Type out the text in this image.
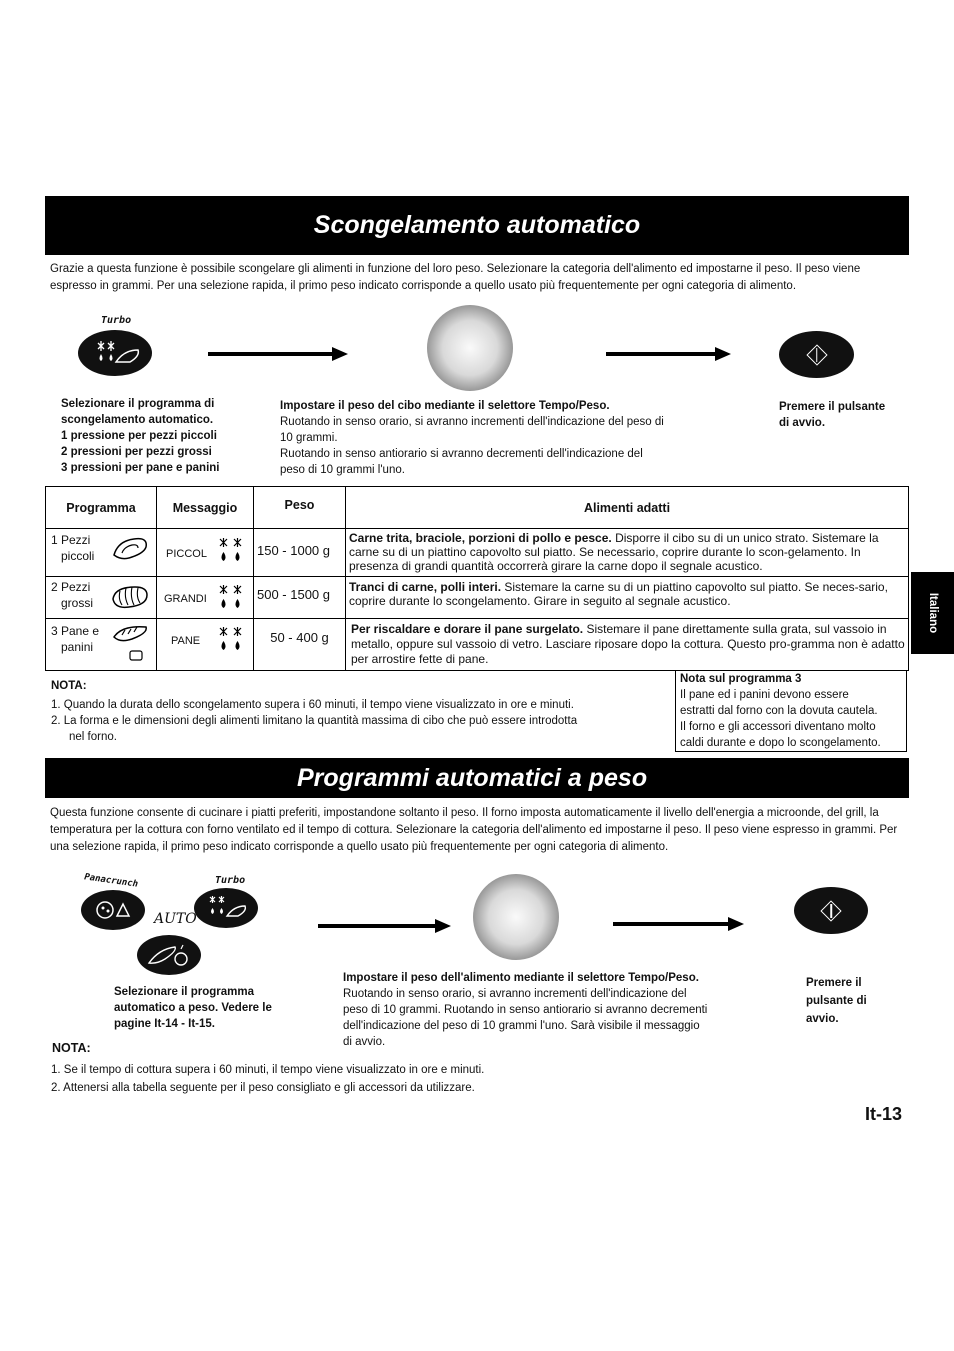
Scongelamento automatico
Grazie a questa funzione è possibile scongelare gli alimenti in funzione del loro peso. Selezionare la categoria dell'alimento ed impostarne il peso. Il peso viene espresso in grammi. Per una selezione rapida, il primo peso indicato corrisponde a quello usato più frequentemente per ogni categoria di alimento.
Turbo
Selezionare il programma di
scongelamento automatico.
1 pressione per pezzi piccoli
2 pressioni per pezzi grossi
3 pressioni per pane e panini
Impostare il peso del cibo mediante il selettore Tempo/Peso.
Ruotando in senso orario, si avranno incrementi dell'indicazione del peso di
10 grammi.
Ruotando in senso antiorario si avranno decrementi dell'indicazione del
peso di 10 grammi l'uno.
Premere il pulsante
di avvio.
Programma	Messaggio	Peso	Alimenti adatti

1 Pezzi
piccoli	PICCOL	150 - 1000 g	Carne trita, braciole, porzioni di pollo e pesce. Disporre il cibo su di un unico strato. Sistemare la carne su di un piattino capovolto sul piatto. Se necessario, coprire durante lo scon-gelamento. In presenza di grandi quantità occorrerà girare la carne dopo il segnale acustico.

2 Pezzi
grossi	GRANDI	500 - 1500 g	Tranci di carne, polli interi. Sistemare la carne su di un piattino capovolto sul piatto. Se neces-sario, coprire durante lo scongelamento. Girare in seguito al segnale acustico.

3 Pane e
panini	PANE	50 - 400 g	Per riscaldare e dorare il pane surgelato. Sistemare il pane direttamente sulla grata, sul vassoio in metallo, oppure sul vassoio di vetro. Lasciare riposare dopo la cottura. Questo pro-gramma non è adatto per arrostire fette di pane.
NOTA:
1. Quando la durata dello scongelamento supera i 60 minuti, il tempo viene visualizzato in ore e minuti.
2. La forma e le dimensioni degli alimenti limitano la quantità massima di cibo che può essere introdotta
nel forno.
Nota sul programma 3
Il pane ed i panini devono essere
estratti dal forno con la dovuta cautela.
Il forno e gli accessori diventano molto
caldi durante e dopo lo scongelamento.
Italiano
Programmi automatici a peso
Questa funzione consente di cucinare i piatti preferiti, impostandone soltanto il peso. Il forno imposta automaticamente il livello dell'energia a microonde, del grill, la temperatura per la cottura con forno ventilato ed il tempo di cottura. Selezionare la categoria dell'alimento ed impostarne il peso. Il peso viene espresso in grammi. Per una selezione rapida, il primo peso indicato corrisponde a quello usato più frequentemente per ogni categoria di alimento.
Panacrunch	Turbo
AUTO
Selezionare il programma
automatico a peso. Vedere le
pagine It-14 - It-15.
Impostare il peso dell'alimento mediante il selettore Tempo/Peso.
Ruotando in senso orario, si avranno incrementi dell'indicazione del
peso di 10 grammi. Ruotando in senso antiorario si avranno decrementi
dell'indicazione del peso di 10 grammi l'uno. Sarà visibile il messaggio
di avvio.
Premere il
pulsante di
avvio.
NOTA:
1. Se il tempo di cottura supera i 60 minuti, il tempo viene visualizzato in ore e minuti.
2. Attenersi alla tabella seguente per il peso consigliato e gli accessori da utilizzare.
It-13
